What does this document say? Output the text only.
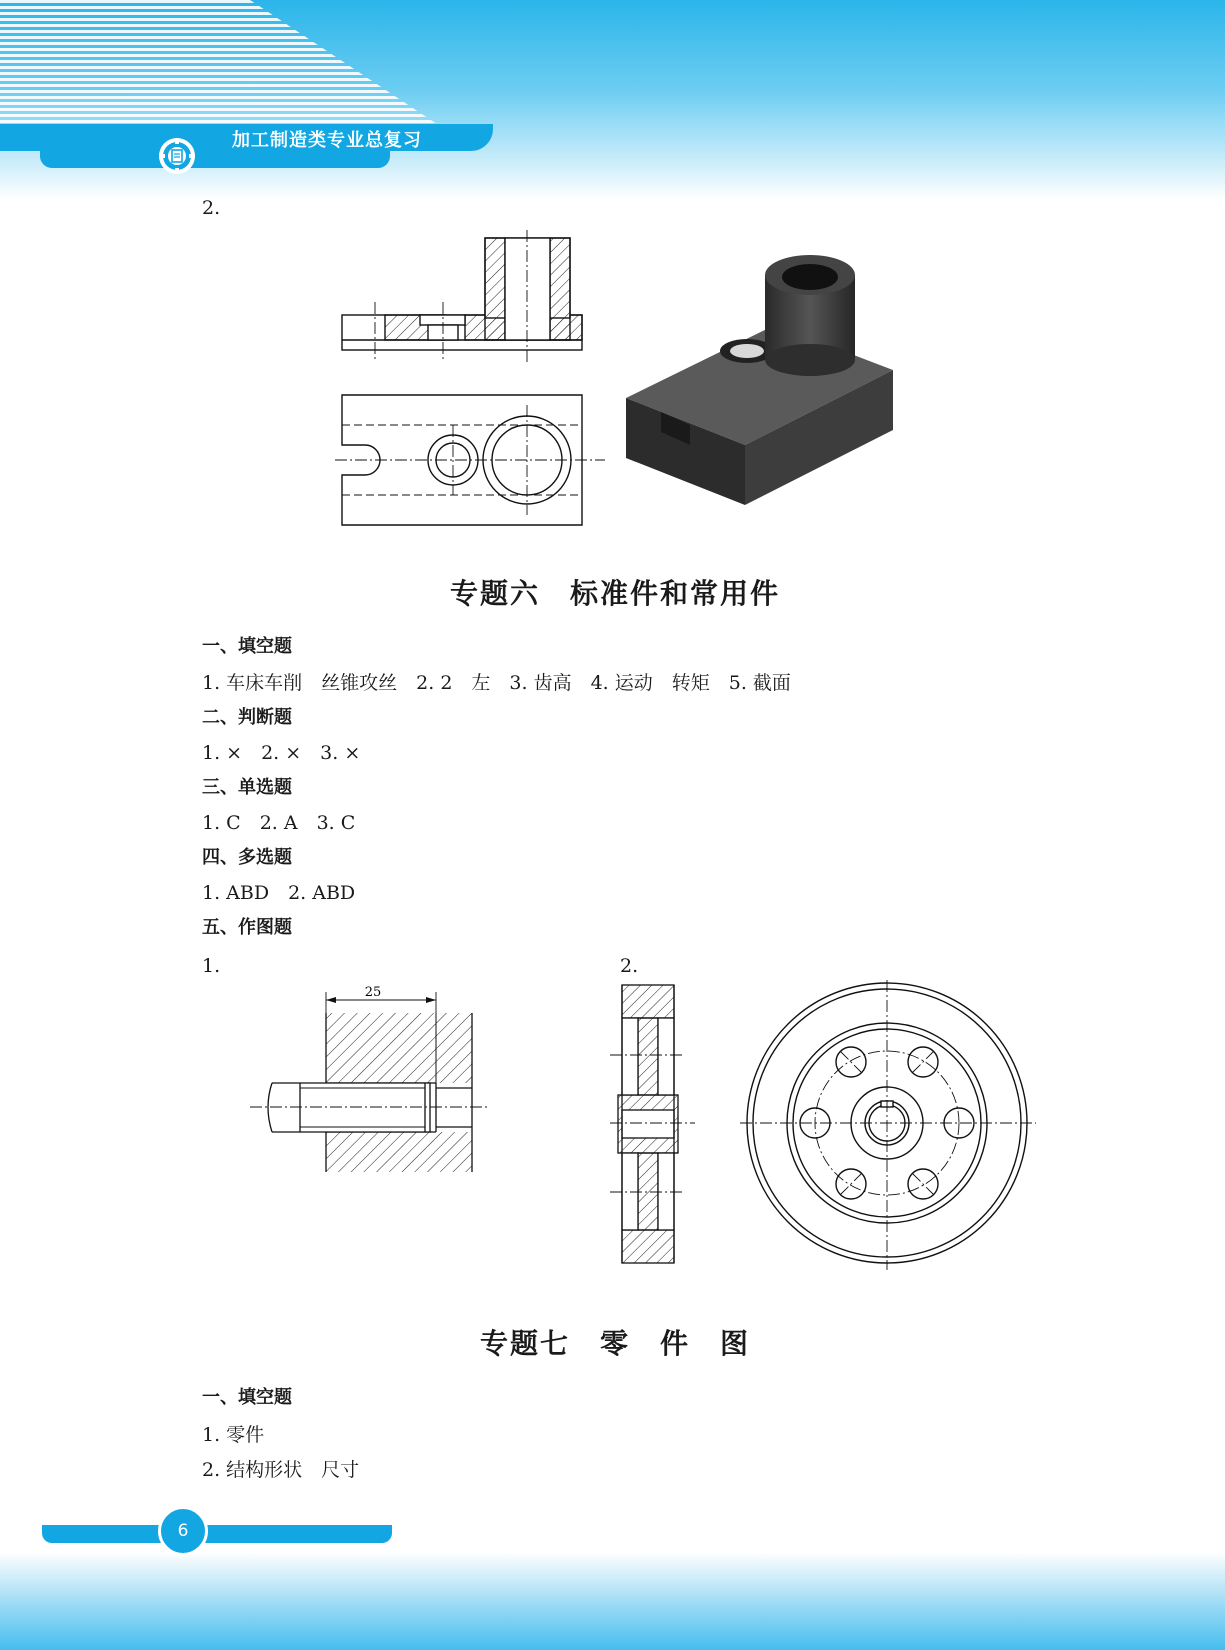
加工制造类专业总复习
2.
专题六　标准件和常用件
一、填空题
1. 车床车削　丝锥攻丝　2. 2　左　3. 齿高　4. 运动　转矩　5. 截面
二、判断题
1. ×　2. ×　3. ×
三、单选题
1. C　2. A　3. C
四、多选题
1. ABD　2. ABD
五、作图题
1.	2.
25
专题七　零　件　图
一、填空题
1. 零件
2. 结构形状　尺寸
6
